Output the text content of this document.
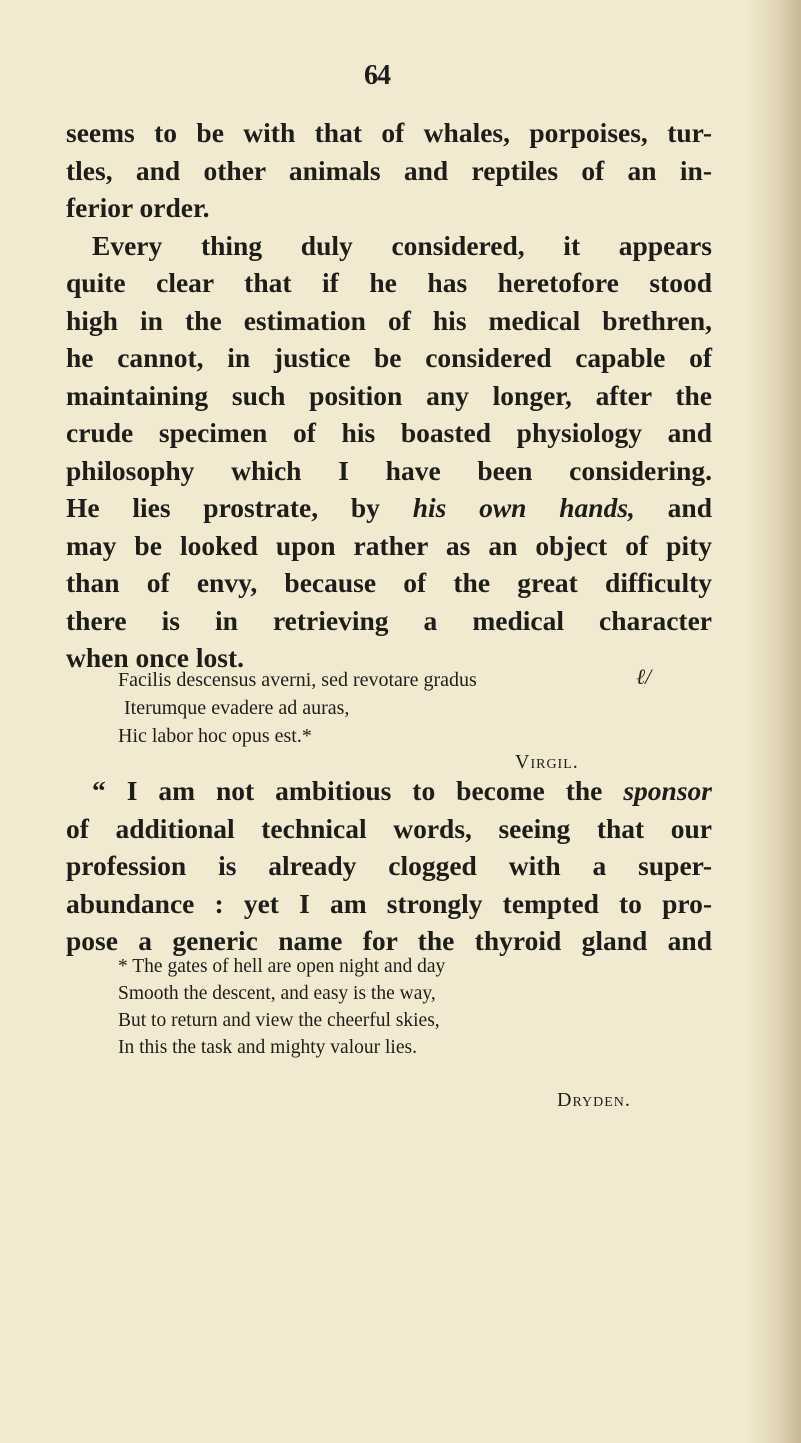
64
seems to be with that of whales, porpoises, tur-
tles, and other animals and reptiles of an in-
ferior order.
Every thing duly considered, it appears
quite clear that if he has heretofore stood
high in the estimation of his medical brethren,
he cannot, in justice be considered capable of
maintaining such position any longer, after the
crude specimen of his boasted physiology and
philosophy which I have been considering.
He lies prostrate, by his own hands, and
may be looked upon rather as an object of pity
than of envy, because of the great difficulty
there is in retrieving a medical character
when once lost.
Facilis descensus averni, sed revotare gradus
Iterumque evadere ad auras,
Hic labor hoc opus est.*
ℓ/
Virgil.
“ I am not ambitious to become the sponsor
of additional technical words, seeing that our
profession is already clogged with a super-
abundance : yet I am strongly tempted to pro-
pose a generic name for the thyroid gland and
* The gates of hell are open night and day
Smooth the descent, and easy is the way,
But to return and view the cheerful skies,
In this the task and mighty valour lies.
Dryden.
